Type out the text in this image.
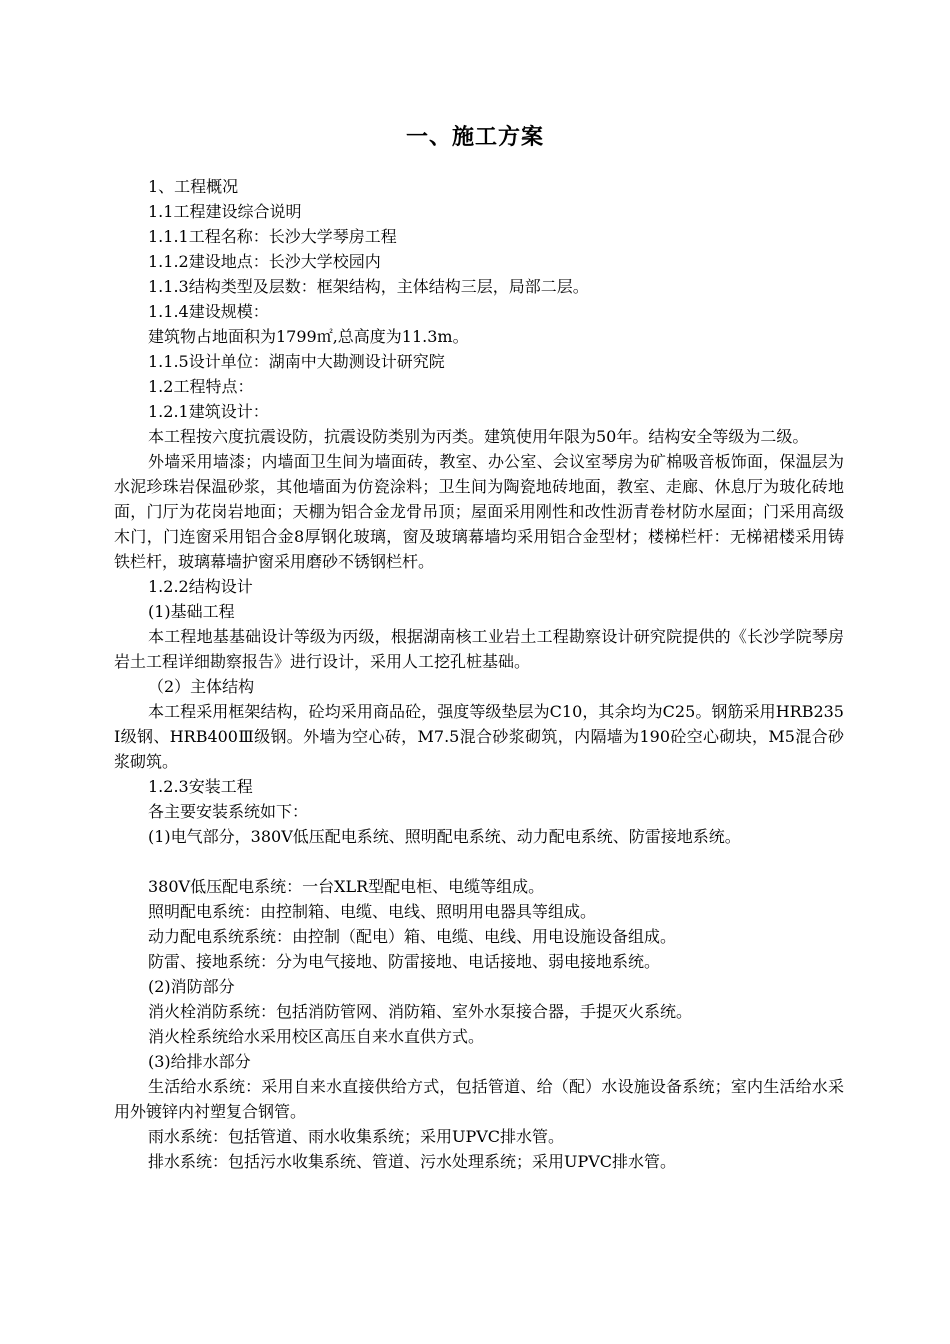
一、施工方案

1、工程概况

1.1工程建设综合说明

1.1.1工程名称：长沙大学琴房工程

1.1.2建设地点：长沙大学校园内

1.1.3结构类型及层数：框架结构，主体结构三层，局部二层。

1.1.4建设规模：

建筑物占地面积为1799㎡,总高度为11.3m。

1.1.5设计单位：湖南中大勘测设计研究院

1.2工程特点：

1.2.1建筑设计：

本工程按六度抗震设防，抗震设防类别为丙类。建筑使用年限为50年。结构安全等级为二级。

外墙采用墙漆；内墙面卫生间为墙面砖，教室、办公室、会议室琴房为矿棉吸音板饰面，保温层为水泥珍珠岩保温砂浆，其他墙面为仿瓷涂料；卫生间为陶瓷地砖地面，教室、走廊、休息厅为玻化砖地面，门厅为花岗岩地面；天棚为铝合金龙骨吊顶；屋面采用刚性和改性沥青卷材防水屋面；门采用高级木门，门连窗采用铝合金8厚钢化玻璃，窗及玻璃幕墙均采用铝合金型材；楼梯栏杆：无梯裙楼采用铸铁栏杆，玻璃幕墙护窗采用磨砂不锈钢栏杆。

1.2.2结构设计

(1)基础工程

本工程地基基础设计等级为丙级，根据湖南核工业岩土工程勘察设计研究院提供的《长沙学院琴房岩土工程详细勘察报告》进行设计，采用人工挖孔桩基础。

（2）主体结构

本工程采用框架结构，砼均采用商品砼，强度等级垫层为C10，其余均为C25。钢筋采用HRB235Ⅰ级钢、HRB400Ⅲ级钢。外墙为空心砖，M7.5混合砂浆砌筑，内隔墙为190砼空心砌块，M5混合砂浆砌筑。

1.2.3安装工程

各主要安装系统如下：

(1)电气部分，380V低压配电系统、照明配电系统、动力配电系统、防雷接地系统。

380V低压配电系统：一台XLR型配电柜、电缆等组成。

照明配电系统：由控制箱、电缆、电线、照明用电器具等组成。

动力配电系统系统：由控制（配电）箱、电缆、电线、用电设施设备组成。

防雷、接地系统：分为电气接地、防雷接地、电话接地、弱电接地系统。

(2)消防部分

消火栓消防系统：包括消防管网、消防箱、室外水泵接合器，手提灭火系统。

消火栓系统给水采用校区高压自来水直供方式。

(3)给排水部分

生活给水系统：采用自来水直接供给方式，包括管道、给（配）水设施设备系统；室内生活给水采用外镀锌内衬塑复合钢管。

雨水系统：包括管道、雨水收集系统；采用UPVC排水管。

排水系统：包括污水收集系统、管道、污水处理系统；采用UPVC排水管。
